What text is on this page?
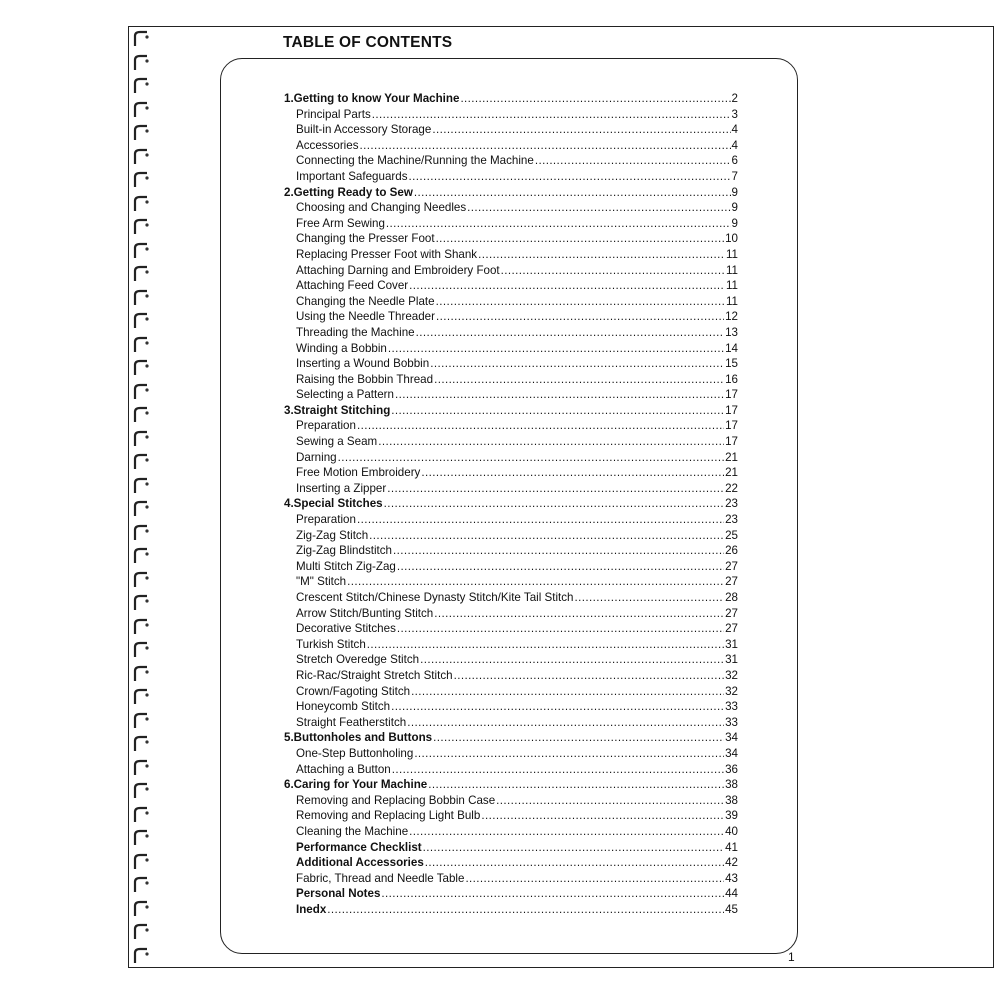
TABLE OF CONTENTS
1.Getting to know Your Machine .....	2
Principal Parts .....	3
Built-in Accessory Storage .....	4
Accessories .....	4
Connecting the Machine/Running the Machine .....	6
Important Safeguards .....	7
2.Getting Ready to Sew .....	9
Choosing and Changing Needles .....	9
Free Arm Sewing .....	9
Changing the Presser Foot .....	10
Replacing Presser Foot with Shank .....	11
Attaching Darning and Embroidery Foot .....	11
Attaching Feed Cover .....	11
Changing the Needle Plate .....	11
Using the Needle Threader .....	12
Threading the Machine .....	13
Winding a Bobbin .....	14
Inserting a Wound Bobbin .....	15
Raising the Bobbin Thread .....	16
Selecting a Pattern .....	17
3.Straight Stitching .....	17
Preparation .....	17
Sewing a Seam .....	17
Darning .....	21
Free Motion Embroidery .....	21
Inserting a Zipper .....	22
4.Special Stitches .....	23
Preparation .....	23
Zig-Zag Stitch .....	25
Zig-Zag Blindstitch .....	26
Multi Stitch Zig-Zag .....	27
"M" Stitch .....	27
Crescent Stitch/Chinese Dynasty Stitch/Kite Tail Stitch .....	28
Arrow Stitch/Bunting Stitch .....	27
Decorative Stitches .....	27
Turkish Stitch .....	31
Stretch Overedge Stitch .....	31
Ric-Rac/Straight Stretch Stitch .....	32
Crown/Fagoting Stitch .....	32
Honeycomb Stitch .....	33
Straight Featherstitch .....	33
5.Buttonholes and Buttons .....	34
One-Step Buttonholing .....	34
Attaching a Button .....	36
6.Caring for Your Machine .....	38
Removing and Replacing Bobbin Case .....	38
Removing and Replacing Light Bulb .....	39
Cleaning the Machine .....	40
Performance Checklist .....	41
Additional Accessories .....	42
Fabric, Thread and Needle Table .....	43
Personal Notes .....	44
Inedx .....	45
1
